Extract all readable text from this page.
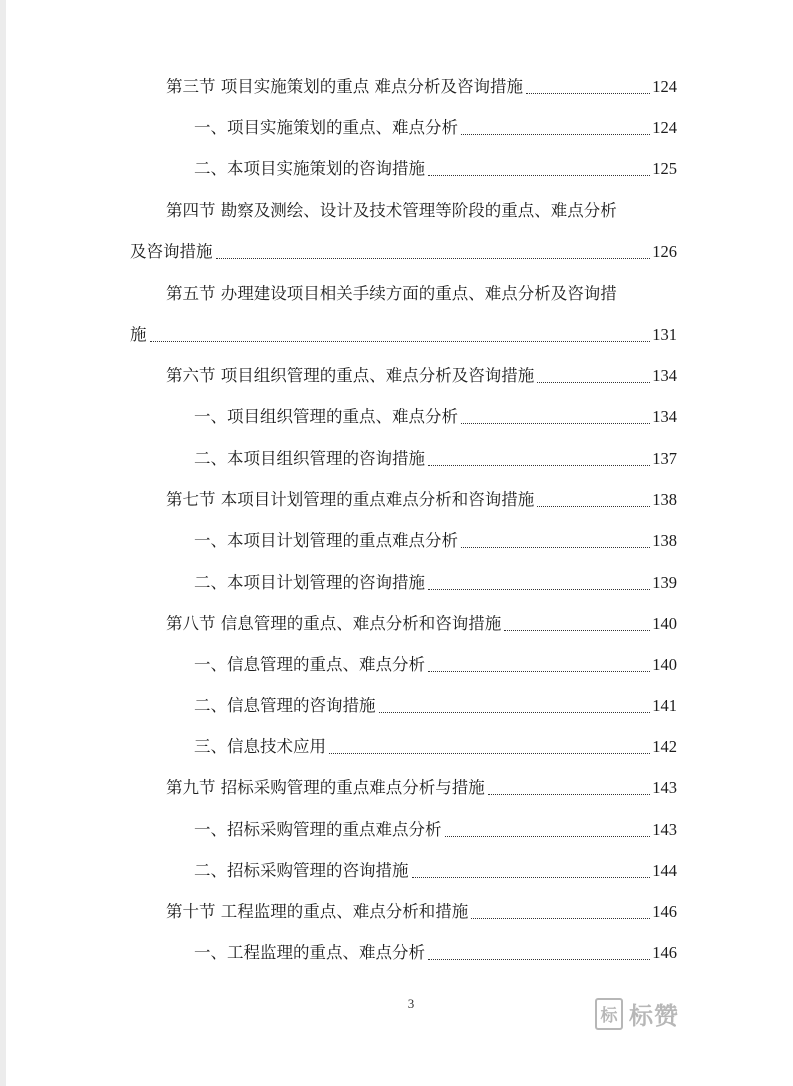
第三节 项目实施策划的重点 难点分析及咨询措施	124
一、项目实施策划的重点、难点分析	124
二、本项目实施策划的咨询措施	125
第四节 勘察及测绘、设计及技术管理等阶段的重点、难点分析
及咨询措施	126
第五节 办理建设项目相关手续方面的重点、难点分析及咨询措
施	131
第六节 项目组织管理的重点、难点分析及咨询措施	134
一、项目组织管理的重点、难点分析	134
二、本项目组织管理的咨询措施	137
第七节 本项目计划管理的重点难点分析和咨询措施	138
一、本项目计划管理的重点难点分析	138
二、本项目计划管理的咨询措施	139
第八节 信息管理的重点、难点分析和咨询措施	140
一、信息管理的重点、难点分析	140
二、信息管理的咨询措施	141
三、信息技术应用	142
第九节 招标采购管理的重点难点分析与措施	143
一、招标采购管理的重点难点分析	143
二、招标采购管理的咨询措施	144
第十节 工程监理的重点、难点分析和措施	146
一、工程监理的重点、难点分析	146
3
标 标赞
